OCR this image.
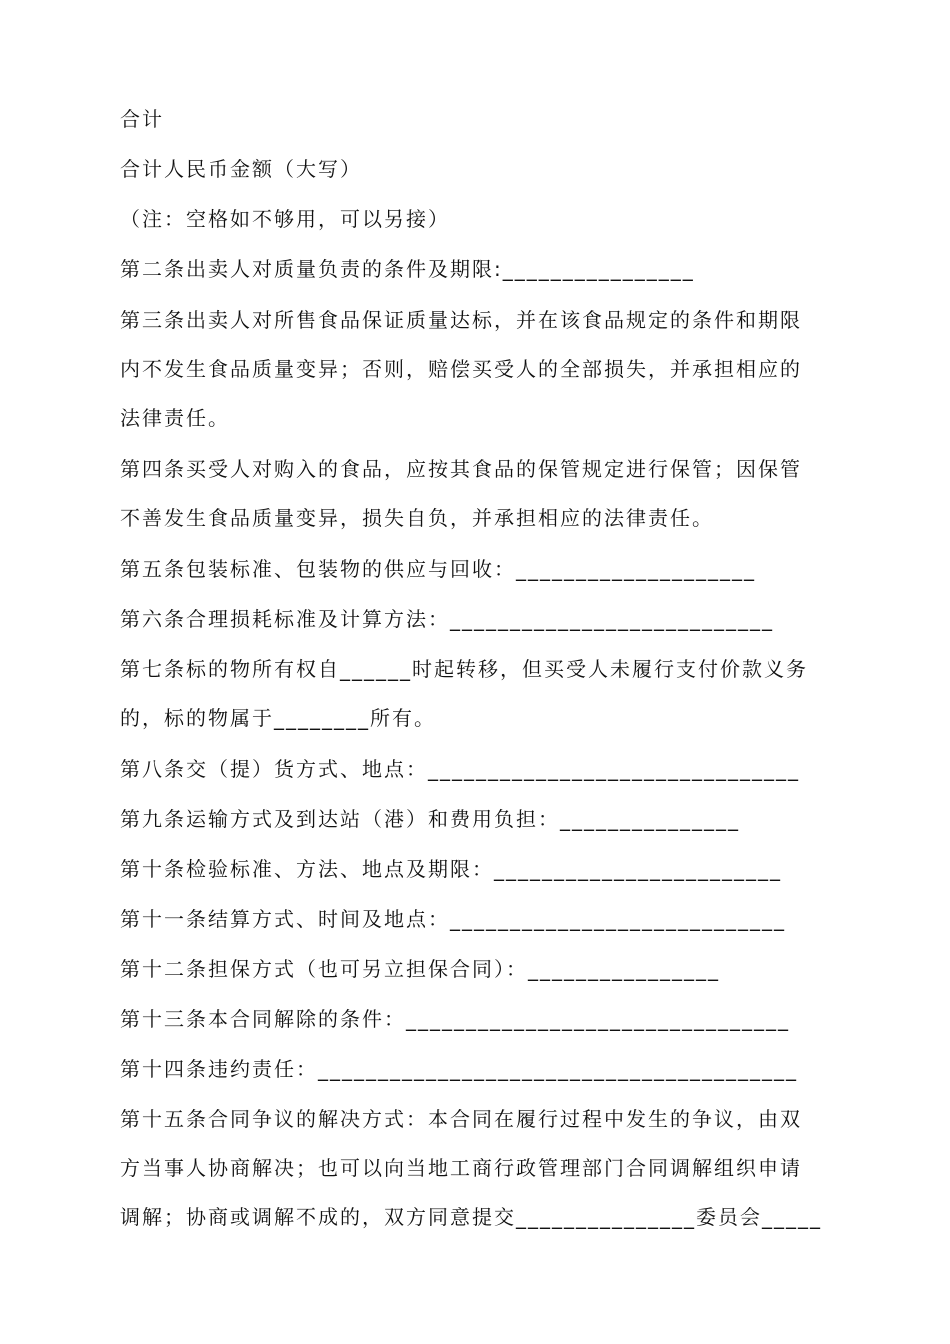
合计

合计人民币金额（大写）

（注：空格如不够用，可以另接）

第二条出卖人对质量负责的条件及期限:________________

第三条出卖人对所售食品保证质量达标，并在该食品规定的条件和期限
内不发生食品质量变异；否则，赔偿买受人的全部损失，并承担相应的
法律责任。

第四条买受人对购入的食品，应按其食品的保管规定进行保管；因保管
不善发生食品质量变异，损失自负，并承担相应的法律责任。

第五条包装标准、包装物的供应与回收：____________________

第六条合理损耗标准及计算方法：___________________________

第七条标的物所有权自______时起转移，但买受人未履行支付价款义务
的，标的物属于________所有。

第八条交（提）货方式、地点：_______________________________

第九条运输方式及到达站（港）和费用负担：_______________

第十条检验标准、方法、地点及期限：________________________

第十一条结算方式、时间及地点：____________________________

第十二条担保方式（也可另立担保合同）：________________

第十三条本合同解除的条件：________________________________

第十四条违约责任：________________________________________

第十五条合同争议的解决方式：本合同在履行过程中发生的争议，由双
方当事人协商解决；也可以向当地工商行政管理部门合同调解组织申请
调解；协商或调解不成的，双方同意提交_______________委员会_____
